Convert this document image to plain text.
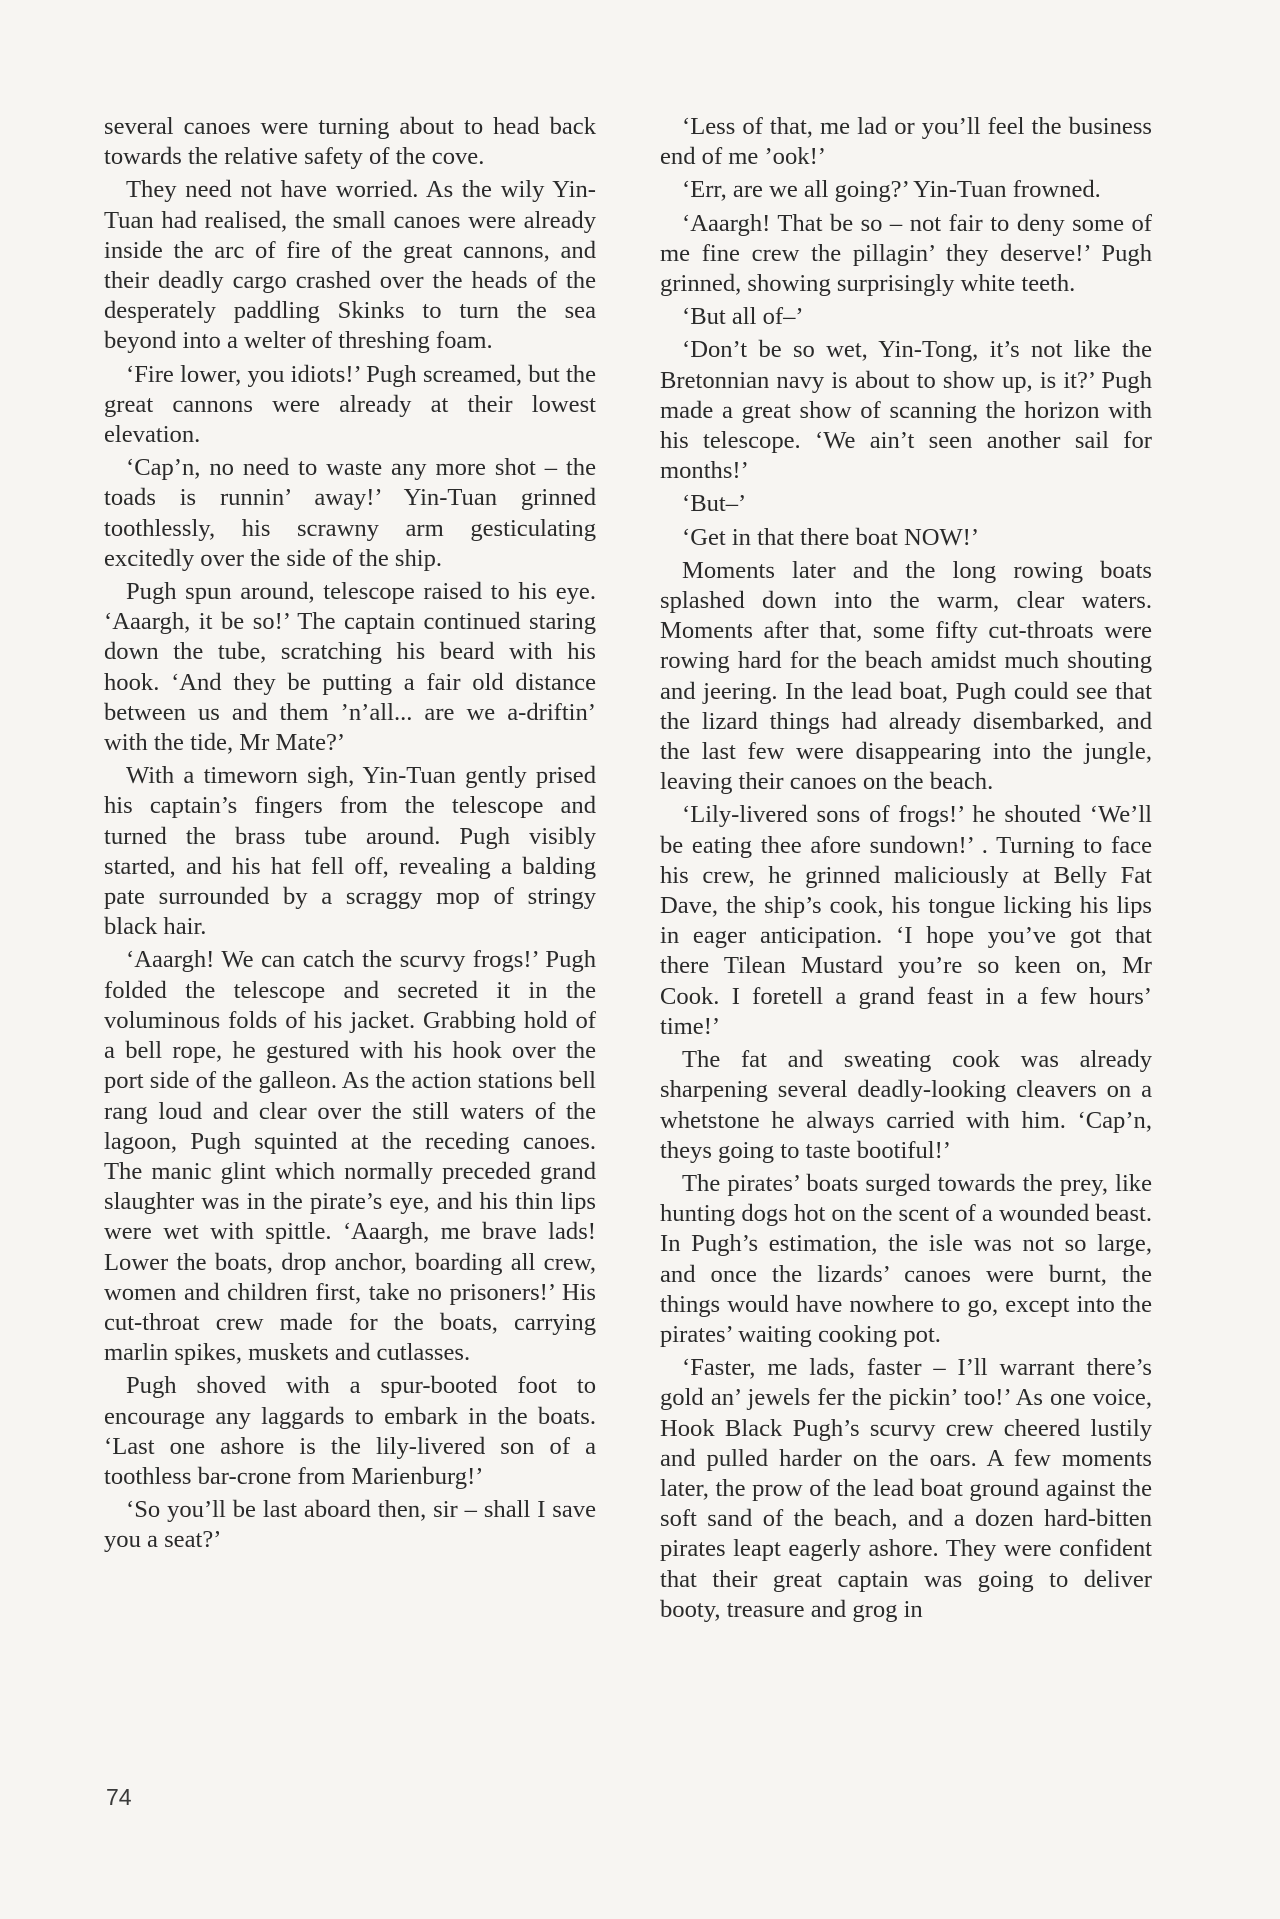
several canoes were turning about to head back towards the relative safety of the cove.

They need not have worried. As the wily Yin-Tuan had realised, the small canoes were already inside the arc of fire of the great cannons, and their deadly cargo crashed over the heads of the desperately paddling Skinks to turn the sea beyond into a welter of threshing foam.

‘Fire lower, you idiots!’ Pugh screamed, but the great cannons were already at their lowest elevation.

‘Cap’n, no need to waste any more shot – the toads is runnin’ away!’ Yin-Tuan grinned toothlessly, his scrawny arm gesticulating excitedly over the side of the ship.

Pugh spun around, telescope raised to his eye. ‘Aaargh, it be so!’ The captain continued staring down the tube, scratching his beard with his hook. ‘And they be putting a fair old distance between us and them ’n’all... are we a-driftin’ with the tide, Mr Mate?’

With a timeworn sigh, Yin-Tuan gently prised his captain’s fingers from the telescope and turned the brass tube around. Pugh visibly started, and his hat fell off, revealing a balding pate surrounded by a scraggy mop of stringy black hair.

‘Aaargh! We can catch the scurvy frogs!’ Pugh folded the telescope and secreted it in the voluminous folds of his jacket. Grabbing hold of a bell rope, he gestured with his hook over the port side of the galleon. As the action stations bell rang loud and clear over the still waters of the lagoon, Pugh squinted at the receding canoes. The manic glint which normally preceded grand slaughter was in the pirate’s eye, and his thin lips were wet with spittle. ‘Aaargh, me brave lads! Lower the boats, drop anchor, boarding all crew, women and children first, take no prisoners!’ His cut-throat crew made for the boats, carrying marlin spikes, muskets and cutlasses.

Pugh shoved with a spur-booted foot to encourage any laggards to embark in the boats. ‘Last one ashore is the lily-livered son of a toothless bar-crone from Marienburg!’

‘So you’ll be last aboard then, sir – shall I save you a seat?’

‘Less of that, me lad or you’ll feel the business end of me ’ook!’

‘Err, are we all going?’ Yin-Tuan frowned.

‘Aaargh! That be so – not fair to deny some of me fine crew the pillagin’ they deserve!’ Pugh grinned, showing surprisingly white teeth.

‘But all of–’

‘Don’t be so wet, Yin-Tong, it’s not like the Bretonnian navy is about to show up, is it?’ Pugh made a great show of scanning the horizon with his telescope. ‘We ain’t seen another sail for months!’

‘But–’

‘Get in that there boat NOW!’

Moments later and the long rowing boats splashed down into the warm, clear waters. Moments after that, some fifty cut-throats were rowing hard for the beach amidst much shouting and jeering. In the lead boat, Pugh could see that the lizard things had already disembarked, and the last few were disappearing into the jungle, leaving their canoes on the beach.

‘Lily-livered sons of frogs!’ he shouted ‘We’ll be eating thee afore sundown!’ . Turning to face his crew, he grinned maliciously at Belly Fat Dave, the ship’s cook, his tongue licking his lips in eager anticipation. ‘I hope you’ve got that there Tilean Mustard you’re so keen on, Mr Cook. I foretell a grand feast in a few hours’ time!’

The fat and sweating cook was already sharpening several deadly-looking cleavers on a whetstone he always carried with him. ‘Cap’n, theys going to taste bootiful!’

The pirates’ boats surged towards the prey, like hunting dogs hot on the scent of a wounded beast. In Pugh’s estimation, the isle was not so large, and once the lizards’ canoes were burnt, the things would have nowhere to go, except into the pirates’ waiting cooking pot.

‘Faster, me lads, faster – I’ll warrant there’s gold an’ jewels fer the pickin’ too!’ As one voice, Hook Black Pugh’s scurvy crew cheered lustily and pulled harder on the oars. A few moments later, the prow of the lead boat ground against the soft sand of the beach, and a dozen hard-bitten pirates leapt eagerly ashore. They were confident that their great captain was going to deliver booty, treasure and grog in

74
